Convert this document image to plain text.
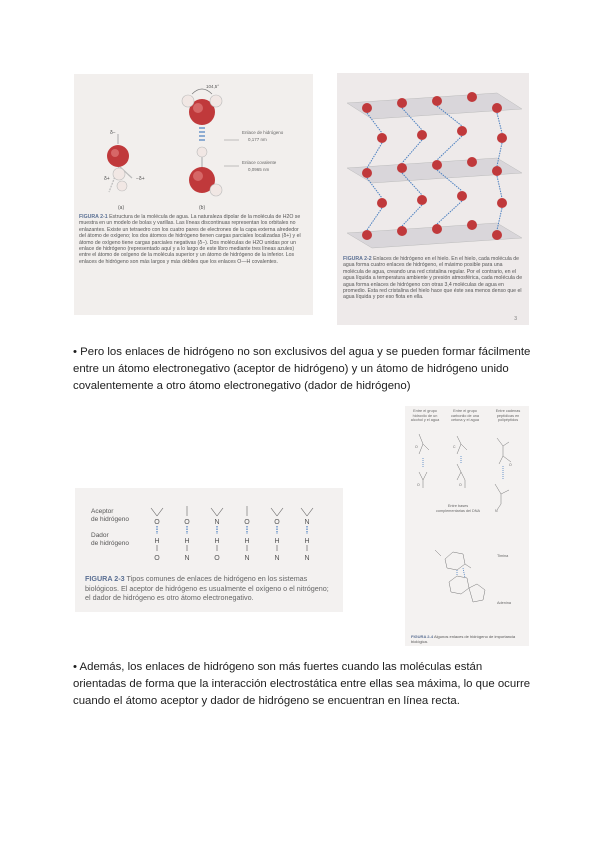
δ−
δ+	−δ+
(a)
104,5°
(b)
Enlace de hidrógeno
0,177 nm
Enlace covalente
0,0965 nm
FIGURA 2-1 Estructura de la molécula de agua. La naturaleza dipolar de la molécula de H2O se muestra en un modelo de bolas y varillas. Las líneas discontinuas representan los orbitales no enlazantes. Existe un tetraedro con los cuatro pares de electrones de la capa externa alrededor del átomo de oxígeno; los dos átomos de hidrógeno tienen cargas parciales localizadas (δ+) y el átomo de oxígeno tiene cargas parciales negativas (δ−). Dos moléculas de H2O unidas por un enlace de hidrógeno (representado aquí y a lo largo de este libro mediante tres líneas azules) entre el átomo de oxígeno de la molécula superior y un átomo de hidrógeno de la inferior. Los enlaces de hidrógeno son más largos y más débiles que los enlaces O—H covalentes.	FIGURA 2-2 Enlaces de hidrógeno en el hielo. En el hielo, cada molécula de agua forma cuatro enlaces de hidrógeno, el máximo posible para una molécula de agua, creando una red cristalina regular. Por el contrario, en el agua líquida a temperatura ambiente y presión atmosférica, cada molécula de agua forma enlaces de hidrógeno con otras 3,4 moléculas de agua en promedio. Esta red cristalina del hielo hace que éste sea menos denso que el agua líquida y por eso flota en ella.
3

• Pero los enlaces de hidrógeno no son exclusivos del agua y se pueden formar fácilmente entre un átomo electronegativo (aceptor de hidrógeno) y un átomo de hidrógeno unido covalentemente a otro átomo electronegativo (dador de hidrógeno)

Aceptor
de hidrógeno
Dador
de hidrógeno
O
H
O
O
H
N
N
H
O
O
H
N
O
H
N
N
H
N
FIGURA 2-3 Tipos comunes de enlaces de hidrógeno en los sistemas biológicos. El aceptor de hidrógeno es usualmente el oxígeno o el nitrógeno; el dador de hidrógeno es otro átomo electronegativo.
Entre el grupo hidroxilo de un alcohol y el agua
Entre el grupo carbonilo de una cetona y el agua
Entre cadenas peptídicas en polipéptidos
O
O
C
O
O
N
Entre bases complementarias del DNA
Timina
Adenina
FIGURA 2-4 Algunos enlaces de hidrógeno de importancia biológica.

• Además, los enlaces de hidrógeno son más fuertes cuando las moléculas están orientadas de forma que la interacción electrostática entre ellas sea máxima, lo que ocurre cuando el átomo aceptor y dador de hidrógeno se encuentran en línea recta.
